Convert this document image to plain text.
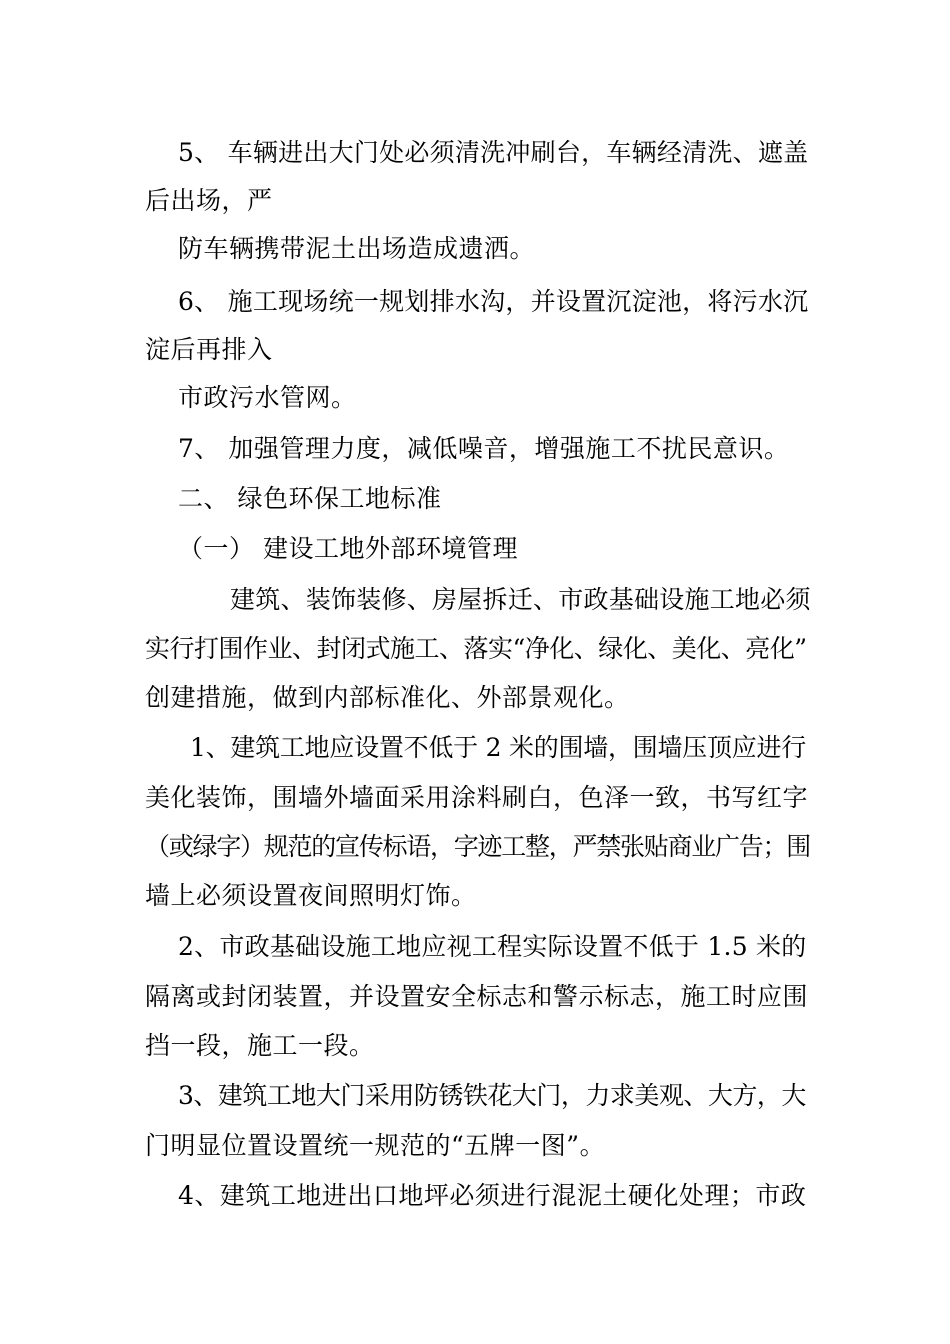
5、 车辆进出大门处必须清洗冲刷台，车辆经清洗、遮盖
后出场，严
防车辆携带泥土出场造成遗洒。
6、 施工现场统一规划排水沟，并设置沉淀池，将污水沉
淀后再排入
市政污水管网。
7、 加强管理力度，减低噪音，增强施工不扰民意识。
二、 绿色环保工地标准
（一） 建设工地外部环境管理
建筑、装饰装修、房屋拆迁、市政基础设施工地必须
实行打围作业、封闭式施工、落实“净化、绿化、美化、亮化”
创建措施，做到内部标准化、外部景观化。
1、建筑工地应设置不低于 2 米的围墙，围墙压顶应进行
美化装饰，围墙外墙面采用涂料刷白，色泽一致，书写红字
（或绿字）规范的宣传标语，字迹工整，严禁张贴商业广告；围
墙上必须设置夜间照明灯饰。
2、市政基础设施工地应视工程实际设置不低于 1.5 米的
隔离或封闭装置，并设置安全标志和警示标志，施工时应围
挡一段，施工一段。
3、建筑工地大门采用防锈铁花大门，力求美观、大方，大
门明显位置设置统一规范的“五牌一图”。
4、建筑工地进出口地坪必须进行混泥土硬化处理；市政
